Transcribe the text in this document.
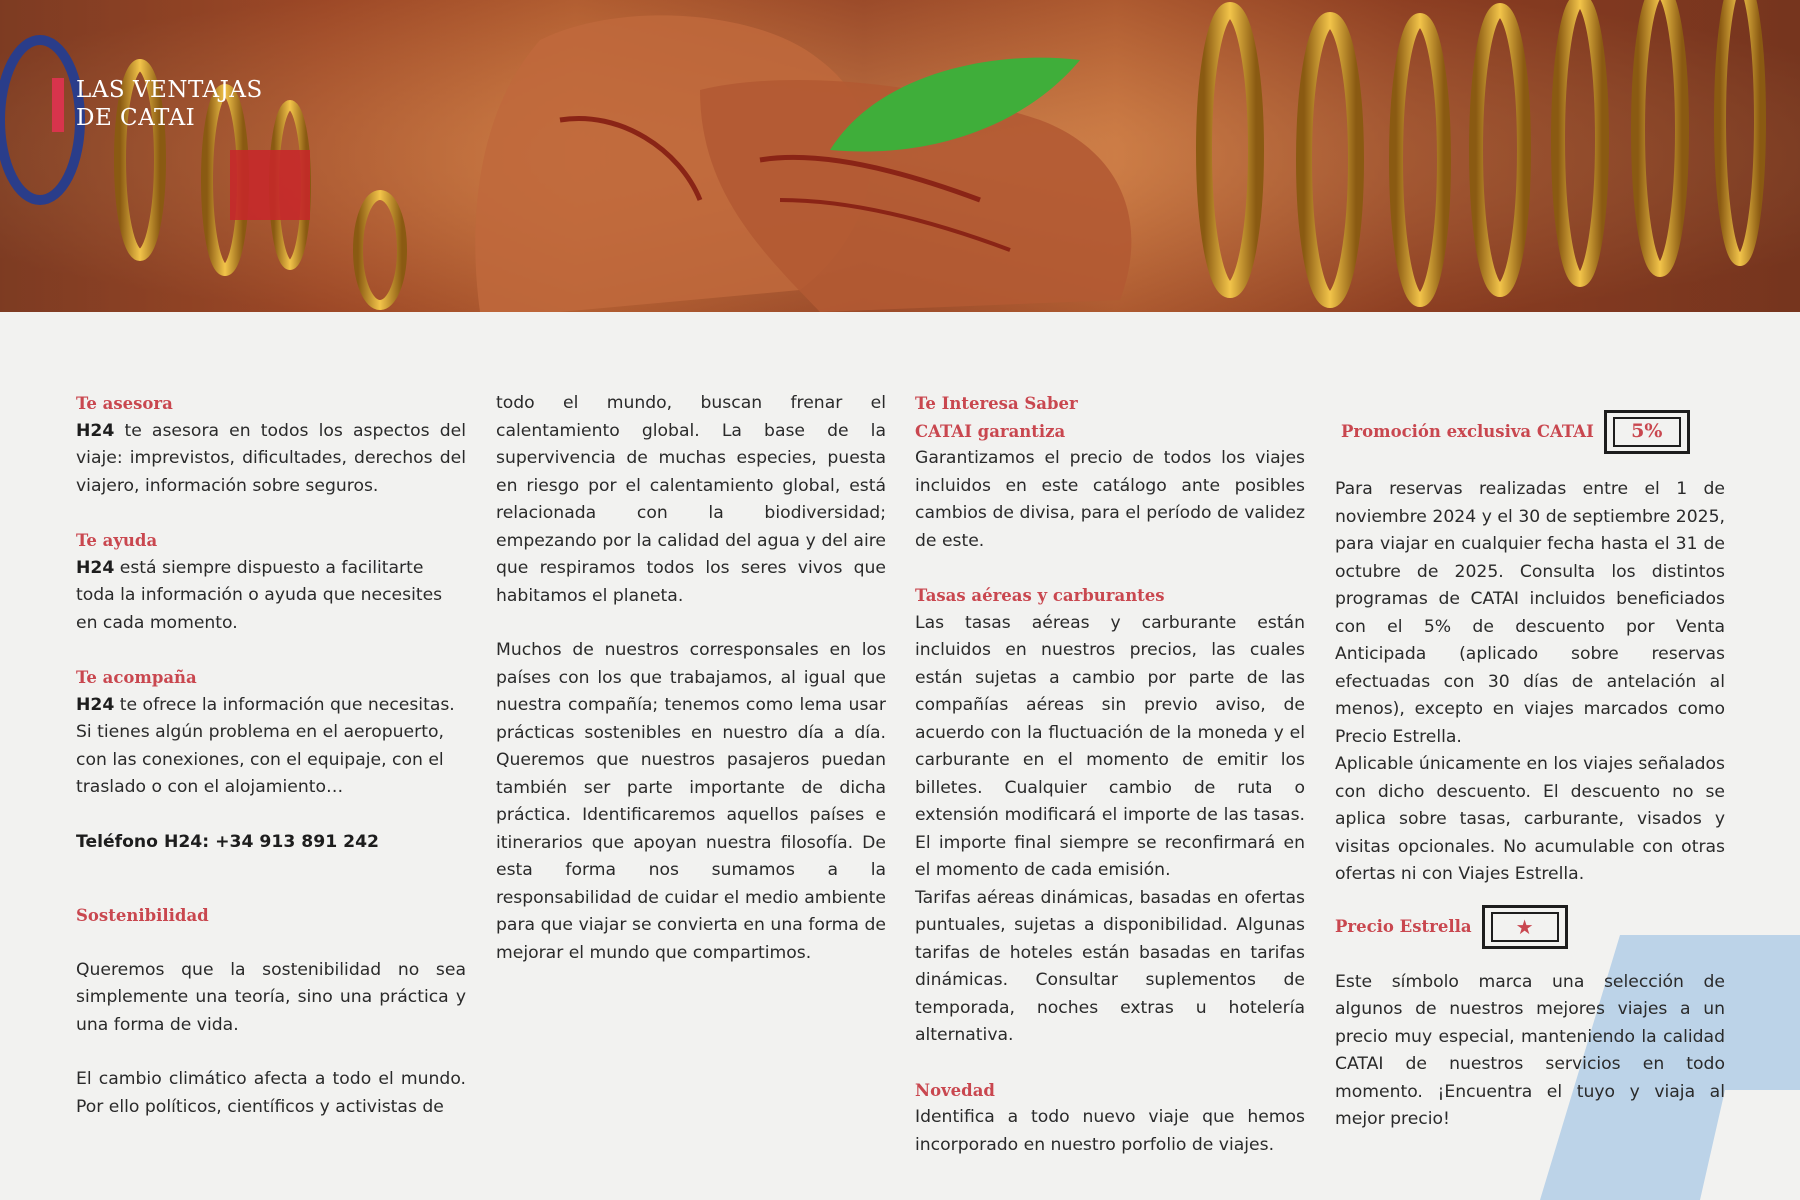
LAS VENTAJAS
DE CATAI
Te asesora

H24 te asesora en todos los aspectos del viaje: imprevistos, dificultades, derechos del viajero, información sobre seguros.

Te ayuda

H24 está siempre dispuesto a facilitarte toda la información o ayuda que necesites en cada momento.

Te acompaña

H24 te ofrece la información que necesitas. Si tienes algún problema en el aeropuerto, con las conexiones, con el equipaje, con el traslado o con el alojamiento…

Teléfono H24: +34 913 891 242

Sostenibilidad

Queremos que la sostenibilidad no sea simplemente una teoría, sino una práctica y una forma de vida.

El cambio climático afecta a todo el mundo. Por ello políticos, científicos y activistas de

todo el mundo, buscan frenar el calentamiento global. La base de la supervivencia de muchas especies, puesta en riesgo por el calentamiento global, está relacionada con la biodiversidad; empezando por la calidad del agua y del aire que respiramos todos los seres vivos que habitamos el planeta.

Muchos de nuestros corresponsales en los países con los que trabajamos, al igual que nuestra compañía; tenemos como lema usar prácticas sostenibles en nuestro día a día. Queremos que nuestros pasajeros puedan también ser parte importante de dicha práctica. Identificaremos aquellos países e itinerarios que apoyan nuestra filosofía. De esta forma nos sumamos a la responsabilidad de cuidar el medio ambiente para que viajar se convierta en una forma de mejorar el mundo que compartimos.

Te Interesa Saber
CATAI garantiza

Garantizamos el precio de todos los viajes incluidos en este catálogo ante posibles cambios de divisa, para el período de validez de este.

Tasas aéreas y carburantes

Las tasas aéreas y carburante están incluidos en nuestros precios, las cuales están sujetas a cambio por parte de las compañías aéreas sin previo aviso, de acuerdo con la fluctuación de la moneda y el carburante en el momento de emitir los billetes. Cualquier cambio de ruta o extensión modificará el importe de las tasas. El importe final siempre se reconfirmará en el momento de cada emisión.

Tarifas aéreas dinámicas, basadas en ofertas puntuales, sujetas a disponibilidad. Algunas tarifas de hoteles están basadas en tarifas dinámicas. Consultar suplementos de temporada, noches extras u hotelería alternativa.

Novedad

Identifica a todo nuevo viaje que hemos incorporado en nuestro porfolio de viajes.

Promoción exclusiva CATAI 5%

Para reservas realizadas entre el 1 de noviembre 2024 y el 30 de septiembre 2025, para viajar en cualquier fecha hasta el 31 de octubre de 2025. Consulta los distintos programas de CATAI incluidos beneficiados con el 5% de descuento por Venta Anticipada (aplicado sobre reservas efectuadas con 30 días de antelación al menos), excepto en viajes marcados como Precio Estrella.

Aplicable únicamente en los viajes señalados con dicho descuento. El descuento no se aplica sobre tasas, carburante, visados y visitas opcionales. No acumulable con otras ofertas ni con Viajes Estrella.

Precio Estrella ★

Este símbolo marca una selección de algunos de nuestros mejores viajes a un precio muy especial, manteniendo la calidad CATAI de nuestros servicios en todo momento. ¡Encuentra el tuyo y viaja al mejor precio!
